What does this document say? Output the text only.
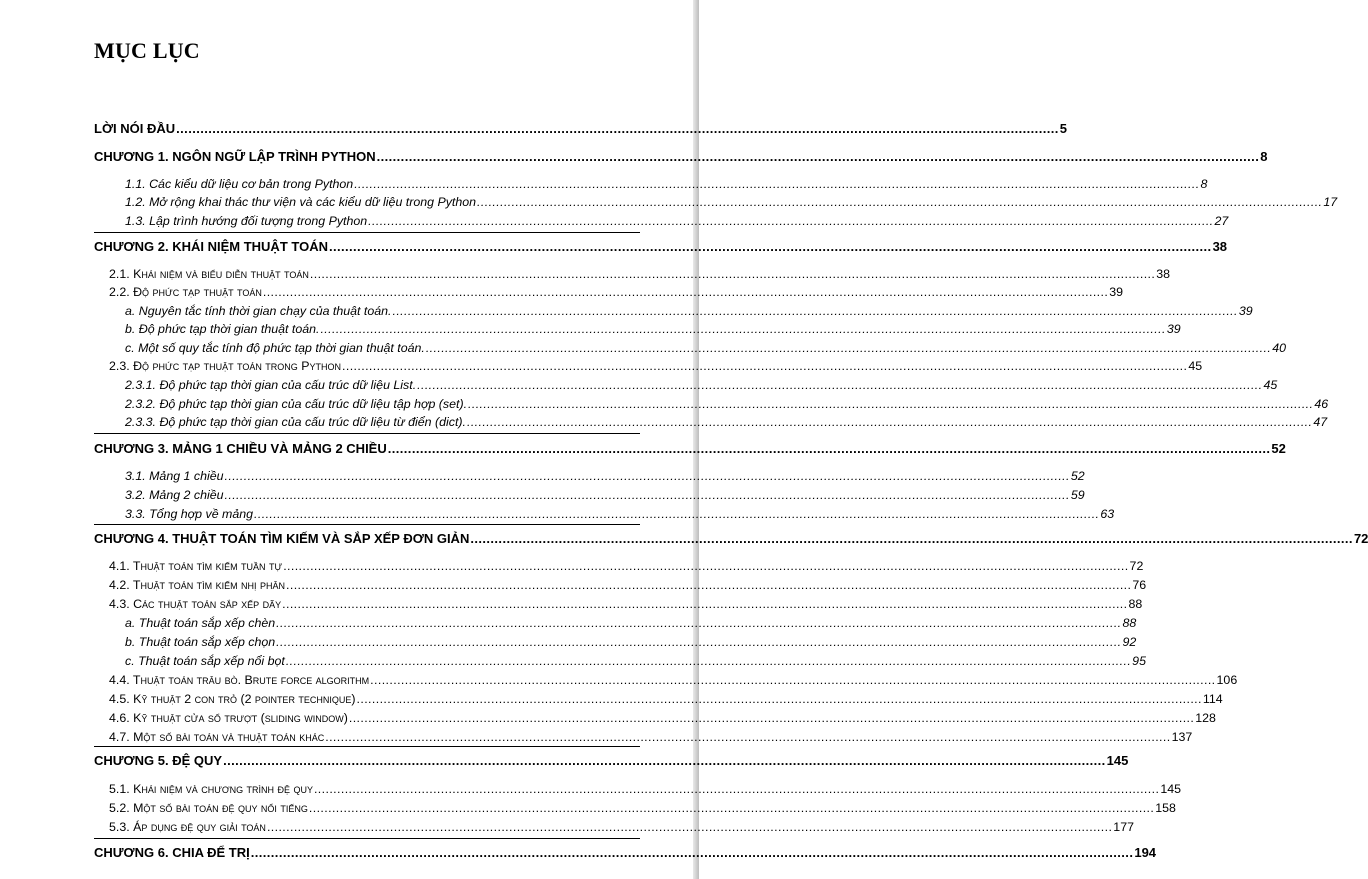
MỤC LỤC
LỜI NÓI ĐẦU ............................................................................................................................................................................................................................ 5
CHƯƠNG 1. NGÔN NGỮ LẬP TRÌNH PYTHON ............................................................................................................................................................................................................................ 8
1.1. Các kiểu dữ liệu cơ bản trong Python ............................................................................................................................................................................................................................ 8
1.2. Mở rộng khai thác thư viện và các kiểu dữ liệu trong Python ............................................................................................................................................................................................................................ 17
1.3. Lập trình hướng đối tượng trong Python ............................................................................................................................................................................................................................ 27
CHƯƠNG 2. KHÁI NIỆM THUẬT TOÁN ............................................................................................................................................................................................................................ 38
2.1. Khái niệm và biểu diễn thuật toán ............................................................................................................................................................................................................................ 38
2.2. Độ phức tạp thuật toán ............................................................................................................................................................................................................................ 39
a. Nguyên tắc tính thời gian chạy của thuật toán. ............................................................................................................................................................................................................................ 39
b. Độ phức tạp thời gian thuật toán. ............................................................................................................................................................................................................................ 39
c. Một số quy tắc tính độ phức tạp thời gian thuật toán. ............................................................................................................................................................................................................................ 40
2.3. Độ phức tạp thuật toán trong Python ............................................................................................................................................................................................................................ 45
2.3.1. Độ phức tạp thời gian của cấu trúc dữ liệu List. ............................................................................................................................................................................................................................ 45
2.3.2. Độ phức tạp thời gian của cấu trúc dữ liệu tập hợp (set). ............................................................................................................................................................................................................................ 46
2.3.3. Độ phức tạp thời gian của cấu trúc dữ liệu từ điển (dict). ............................................................................................................................................................................................................................ 47
CHƯƠNG 3. MẢNG 1 CHIỀU VÀ MẢNG 2 CHIỀU ............................................................................................................................................................................................................................ 52
3.1. Mảng 1 chiều ............................................................................................................................................................................................................................ 52
3.2. Mảng 2 chiều ............................................................................................................................................................................................................................ 59
3.3. Tổng hợp về mảng ............................................................................................................................................................................................................................ 63
CHƯƠNG 4. THUẬT TOÁN TÌM KIẾM VÀ SẮP XẾP ĐƠN GIẢN ............................................................................................................................................................................................................................ 72
4.1. Thuật toán tìm kiếm tuần tự ............................................................................................................................................................................................................................ 72
4.2. Thuật toán tìm kiếm nhị phân ............................................................................................................................................................................................................................ 76
4.3. Các thuật toán sắp xếp dãy ............................................................................................................................................................................................................................ 88
a. Thuật toán sắp xếp chèn ............................................................................................................................................................................................................................ 88
b. Thuật toán sắp xếp chọn ............................................................................................................................................................................................................................ 92
c. Thuật toán sắp xếp nổi bọt ............................................................................................................................................................................................................................ 95
4.4. Thuật toán trâu bò. Brute force algorithm ............................................................................................................................................................................................................................ 106
4.5. Kỹ thuật 2 con trỏ (2 pointer technique) ............................................................................................................................................................................................................................ 114
4.6. Kỹ thuật cửa sổ trượt (sliding window) ............................................................................................................................................................................................................................ 128
4.7. Một số bài toán và thuật toán khác ............................................................................................................................................................................................................................ 137
CHƯƠNG 5. ĐỆ QUY ............................................................................................................................................................................................................................ 145
5.1. Khái niệm và chương trình đệ quy ............................................................................................................................................................................................................................ 145
5.2. Một số bài toán đệ quy nổi tiếng ............................................................................................................................................................................................................................ 158
5.3. Áp dụng đệ quy giải toán ............................................................................................................................................................................................................................ 177
CHƯƠNG 6. CHIA ĐỂ TRỊ ............................................................................................................................................................................................................................ 194
